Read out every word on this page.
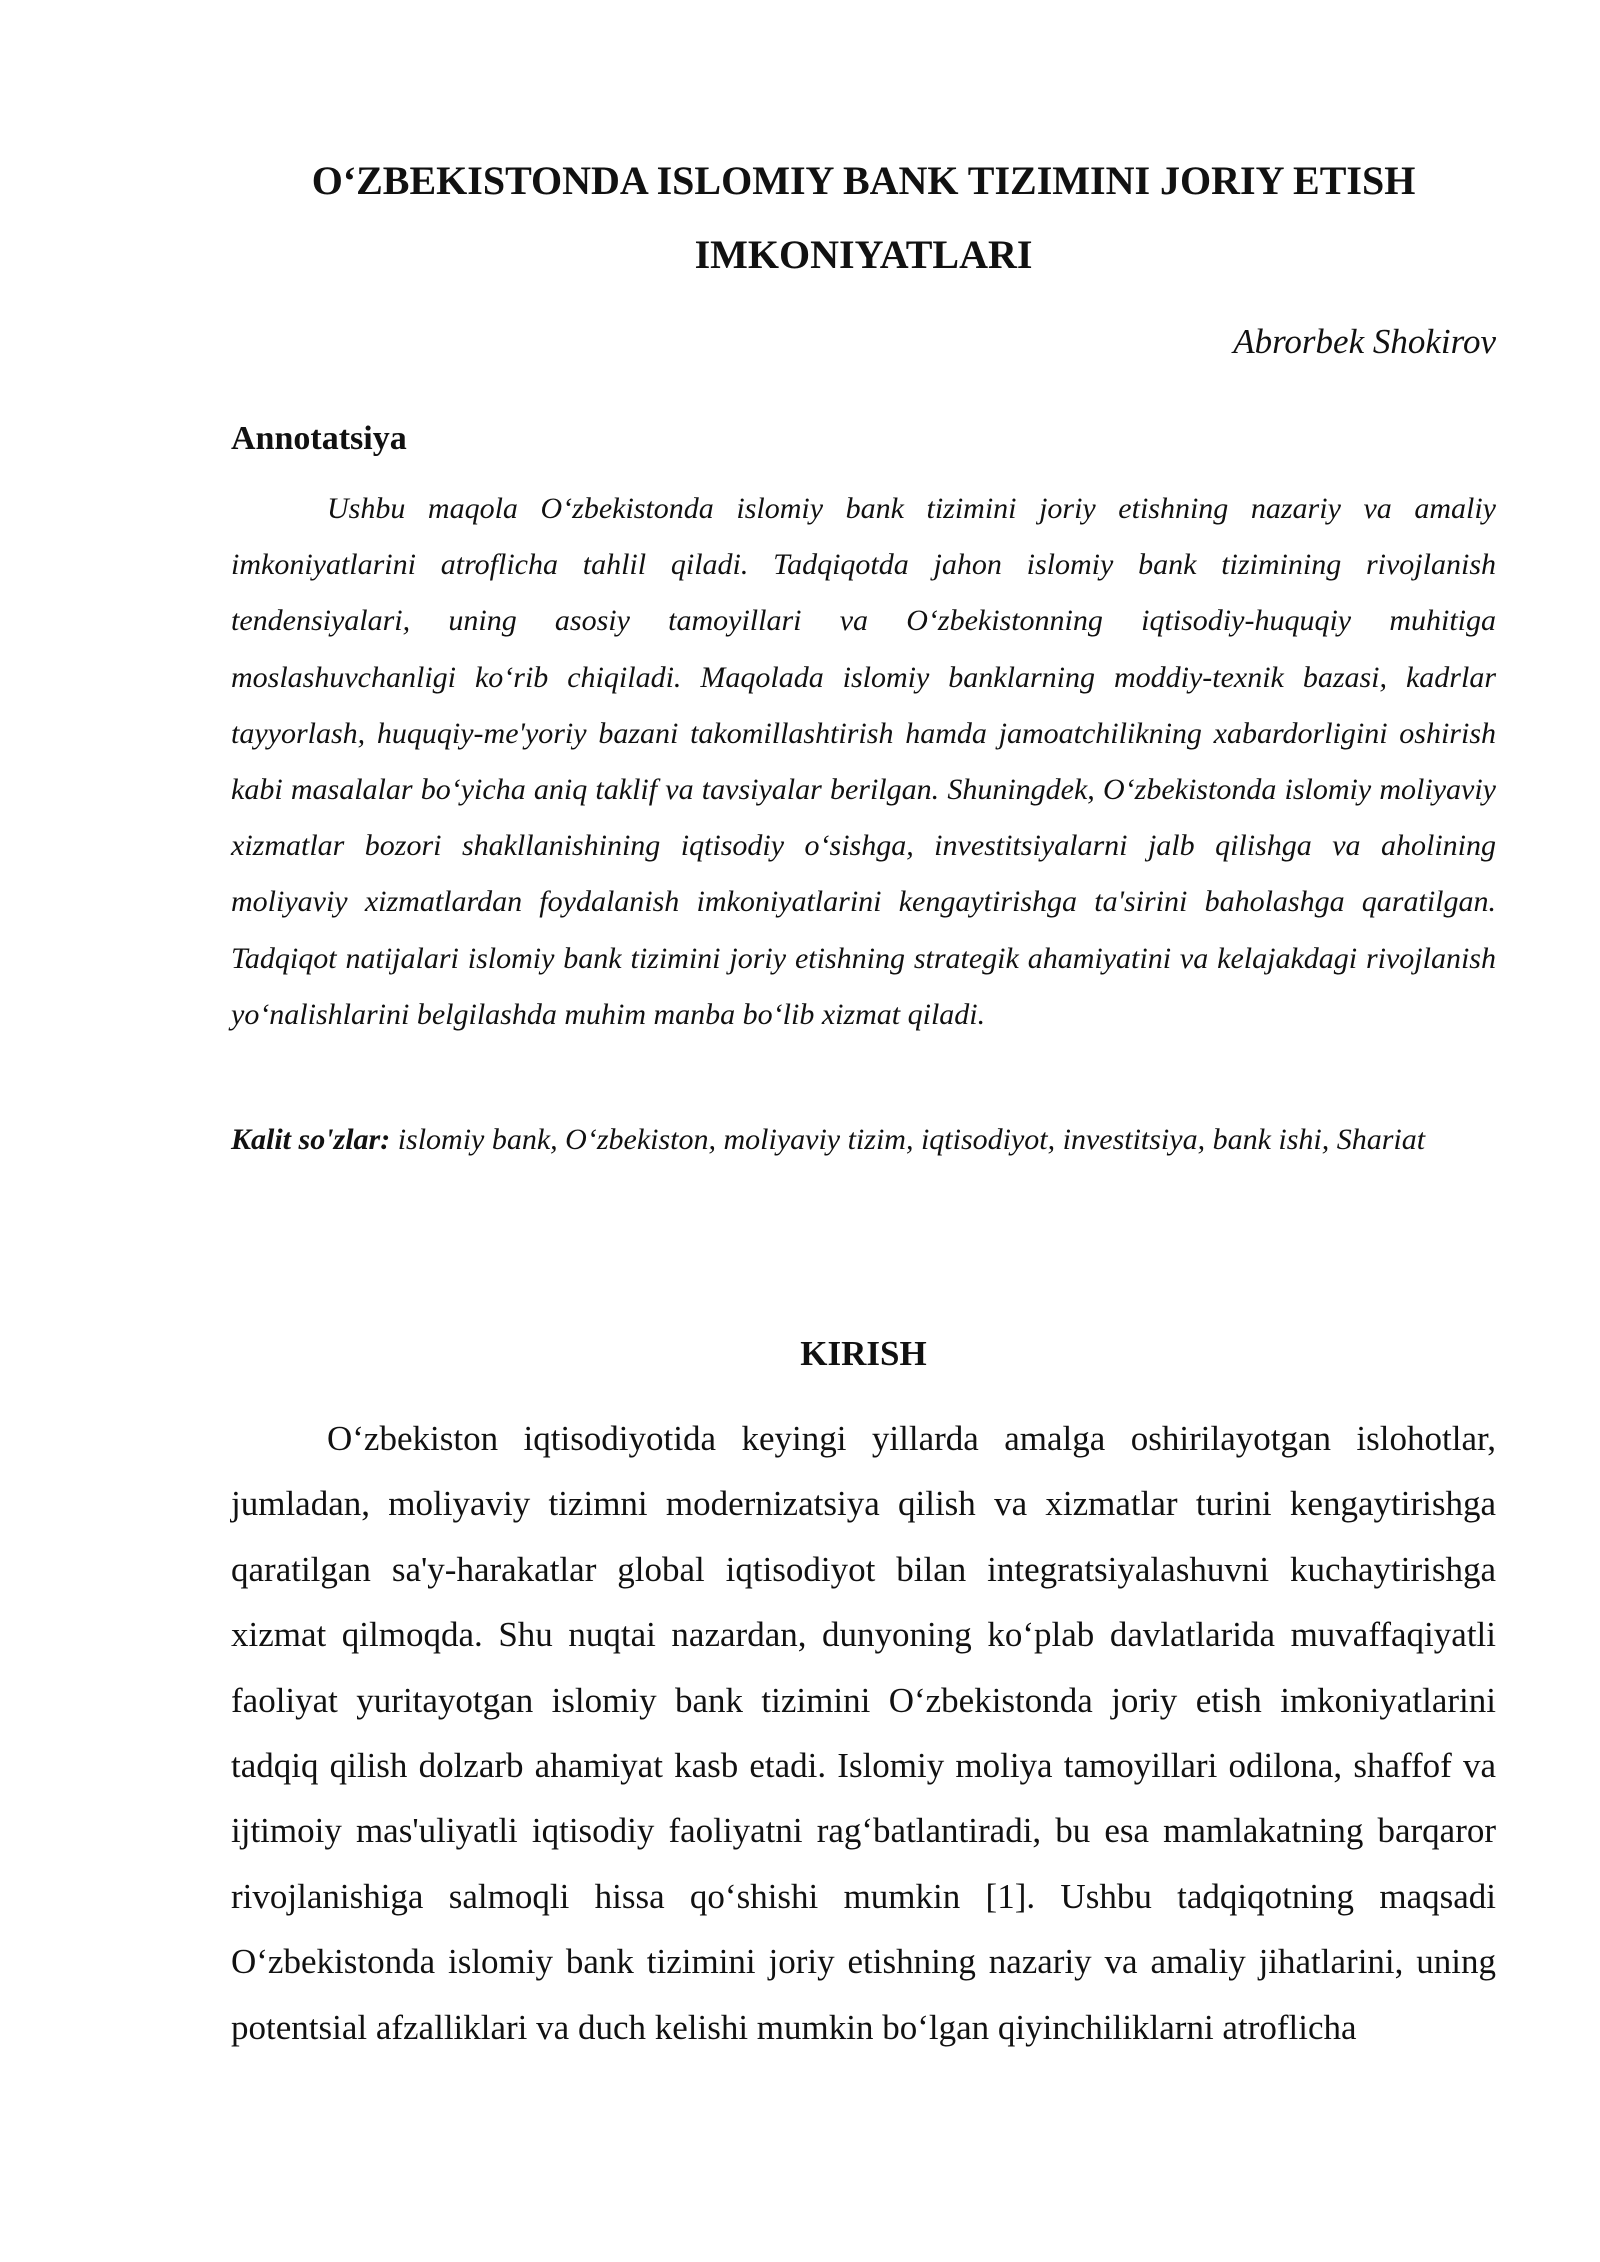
O‘ZBEKISTONDA ISLOMIY BANK TIZIMINI JORIY ETISH IMKONIYATLARI

Abrorbek Shokirov

Annotatsiya

Ushbu maqola O‘zbekistonda islomiy bank tizimini joriy etishning nazariy va amaliy imkoniyatlarini atroflicha tahlil qiladi. Tadqiqotda jahon islomiy bank tizimining rivojlanish tendensiyalari, uning asosiy tamoyillari va O‘zbekistonning iqtisodiy-huquqiy muhitiga moslashuvchanligi ko‘rib chiqiladi. Maqolada islomiy banklarning moddiy-texnik bazasi, kadrlar tayyorlash, huquqiy-me'yoriy bazani takomillashtirish hamda jamoatchilikning xabardorligini oshirish kabi masalalar bo‘yicha aniq taklif va tavsiyalar berilgan. Shuningdek, O‘zbekistonda islomiy moliyaviy xizmatlar bozori shakllanishining iqtisodiy o‘sishga, investitsiyalarni jalb qilishga va aholining moliyaviy xizmatlardan foydalanish imkoniyatlarini kengaytirishga ta'sirini baholashga qaratilgan. Tadqiqot natijalari islomiy bank tizimini joriy etishning strategik ahamiyatini va kelajakdagi rivojlanish yo‘nalishlarini belgilashda muhim manba bo‘lib xizmat qiladi.

Kalit so'zlar: islomiy bank, O‘zbekiston, moliyaviy tizim, iqtisodiyot, investitsiya, bank ishi, Shariat

KIRISH

O‘zbekiston iqtisodiyotida keyingi yillarda amalga oshirilayotgan islohotlar, jumladan, moliyaviy tizimni modernizatsiya qilish va xizmatlar turini kengaytirishga qaratilgan sa'y-harakatlar global iqtisodiyot bilan integratsiyalashuvni kuchaytirishga xizmat qilmoqda. Shu nuqtai nazardan, dunyoning ko‘plab davlatlarida muvaffaqiyatli faoliyat yuritayotgan islomiy bank tizimini O‘zbekistonda joriy etish imkoniyatlarini tadqiq qilish dolzarb ahamiyat kasb etadi. Islomiy moliya tamoyillari odilona, shaffof va ijtimoiy mas'uliyatli iqtisodiy faoliyatni rag‘batlantiradi, bu esa mamlakatning barqaror rivojlanishiga salmoqli hissa qo‘shishi mumkin [1]. Ushbu tadqiqotning maqsadi O‘zbekistonda islomiy bank tizimini joriy etishning nazariy va amaliy jihatlarini, uning potentsial afzalliklari va duch kelishi mumkin bo‘lgan qiyinchiliklarni atroflicha
